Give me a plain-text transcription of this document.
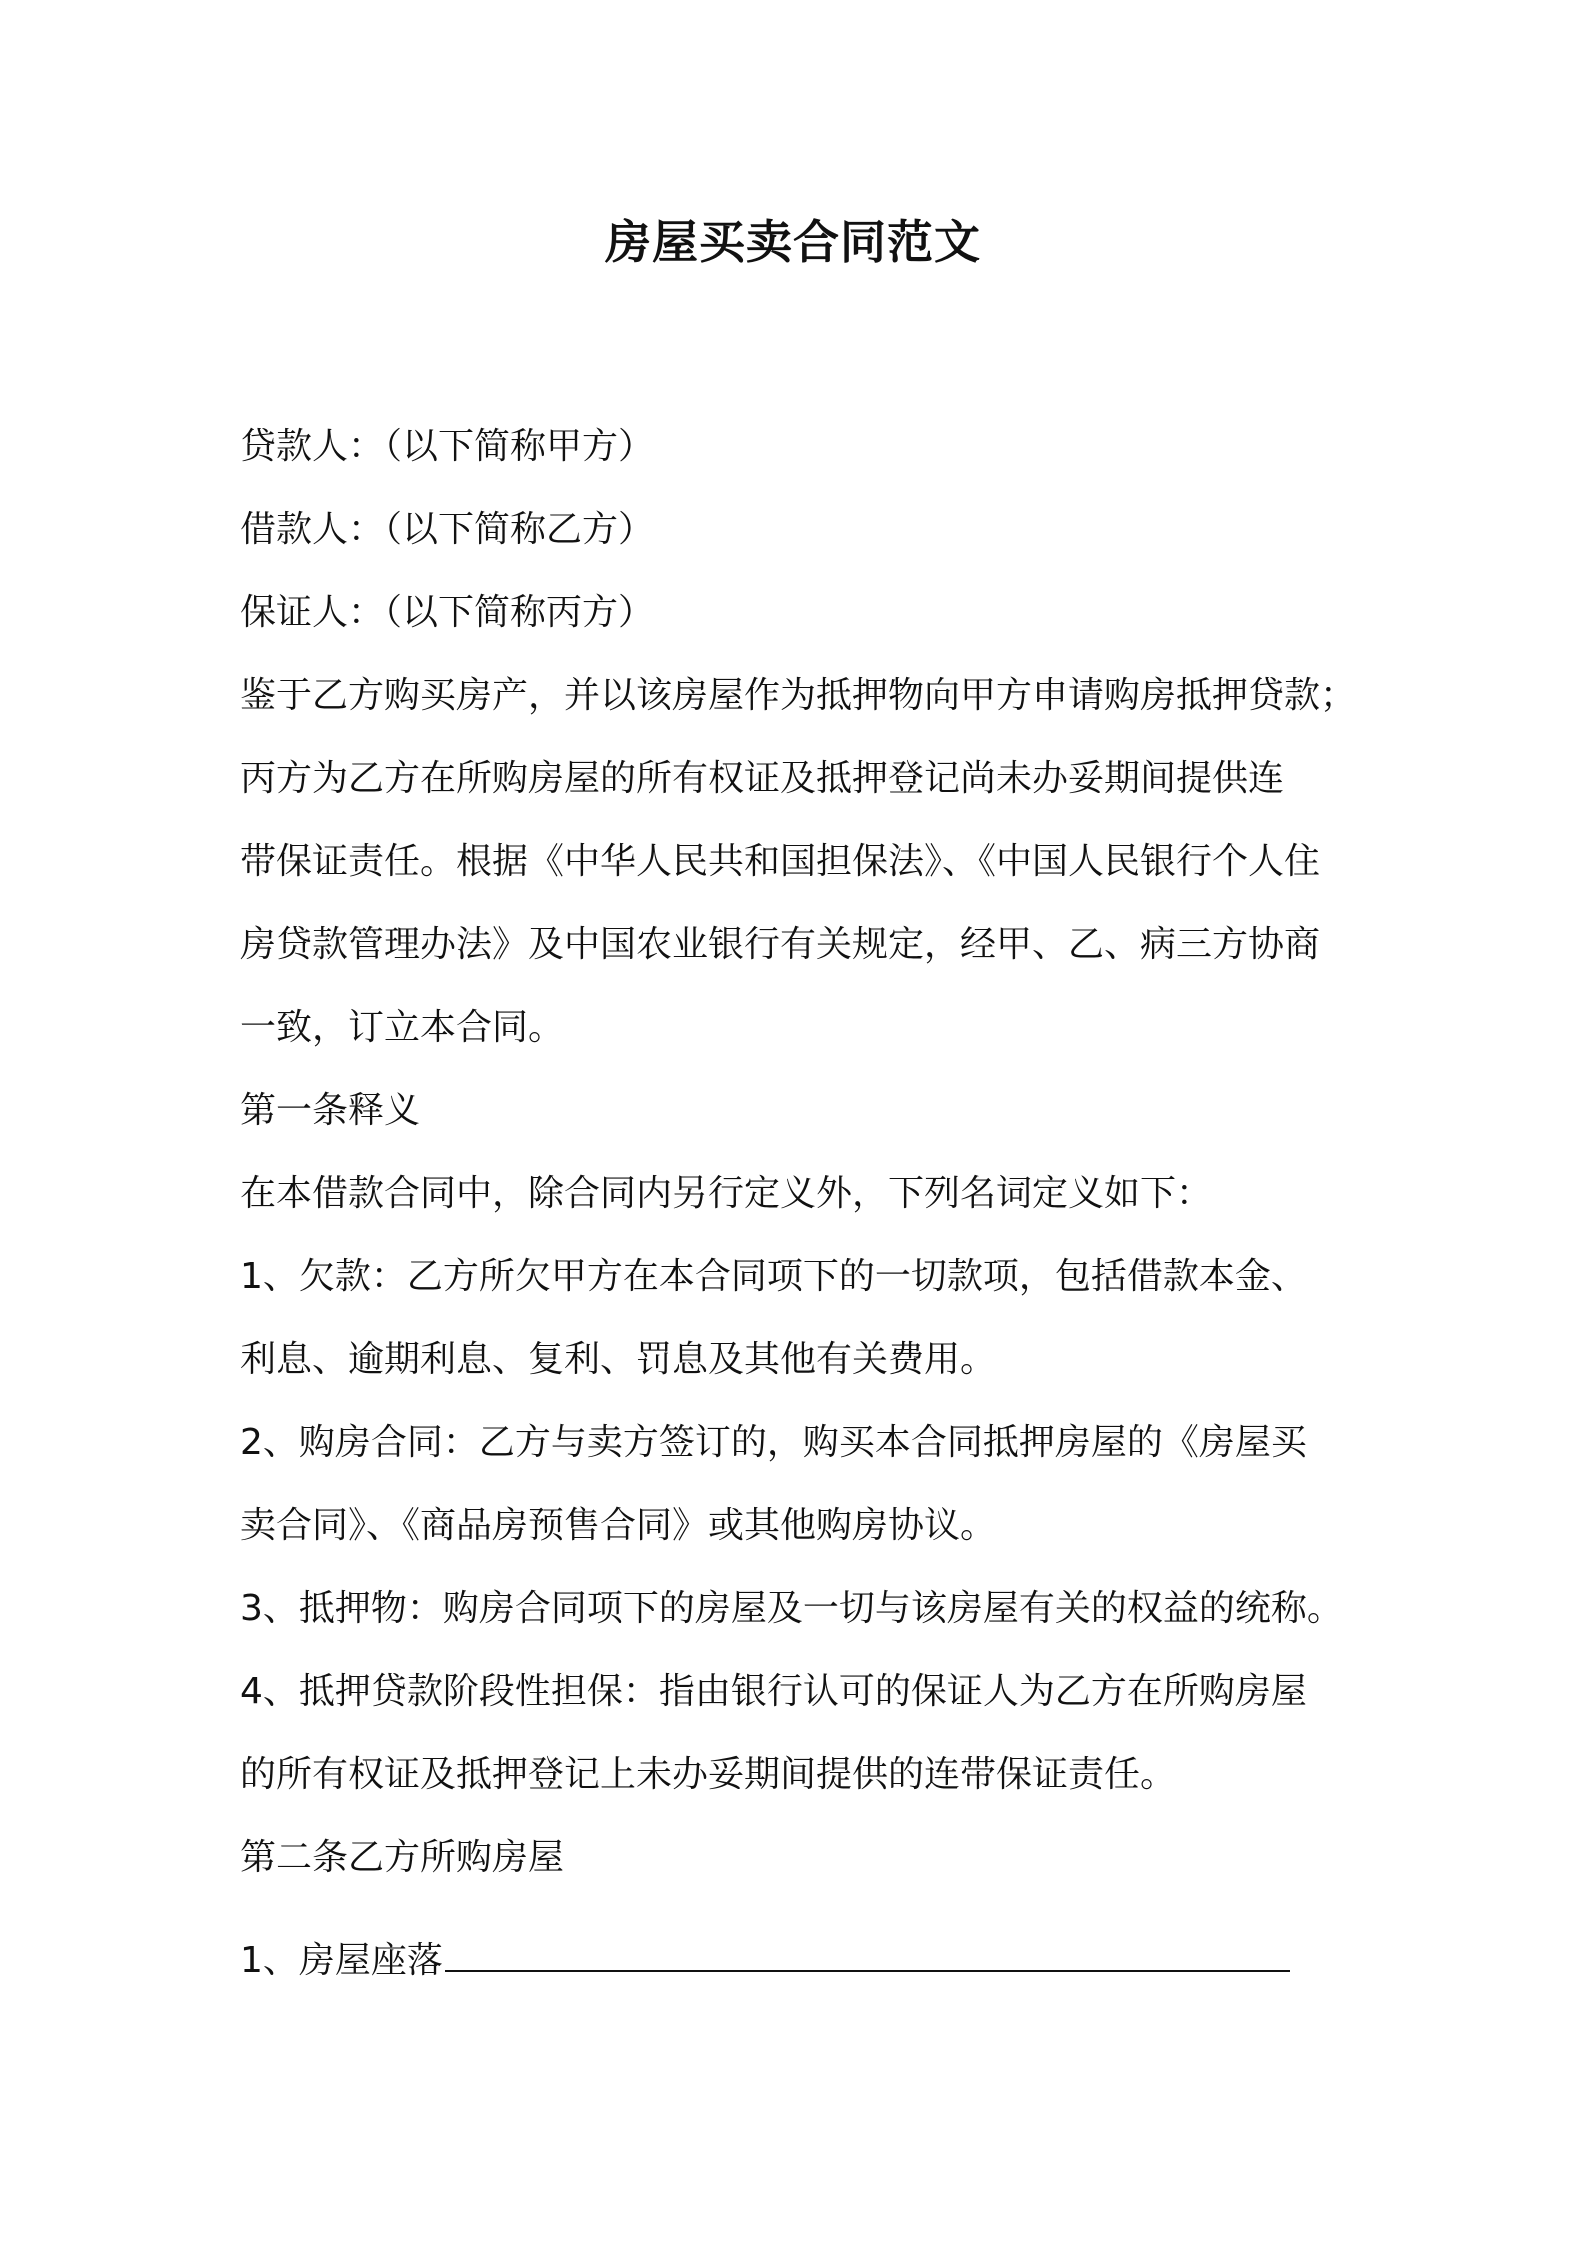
房屋买卖合同范文
贷款人：（以下简称甲方）
借款人：（以下简称乙方）
保证人：（以下简称丙方）
鉴于乙方购买房产，并以该房屋作为抵押物向甲方申请购房抵押贷款；
丙方为乙方在所购房屋的所有权证及抵押登记尚未办妥期间提供连
带保证责任。根据《中华人民共和国担保法》、《中国人民银行个人住
房贷款管理办法》及中国农业银行有关规定，经甲、乙、病三方协商
一致，订立本合同。
第一条释义
在本借款合同中，除合同内另行定义外，下列名词定义如下：
1、欠款：乙方所欠甲方在本合同项下的一切款项，包括借款本金、
利息、逾期利息、复利、罚息及其他有关费用。
2、购房合同：乙方与卖方签订的，购买本合同抵押房屋的《房屋买
卖合同》、《商品房预售合同》或其他购房协议。
3、抵押物：购房合同项下的房屋及一切与该房屋有关的权益的统称。
4、抵押贷款阶段性担保：指由银行认可的保证人为乙方在所购房屋
的所有权证及抵押登记上未办妥期间提供的连带保证责任。
第二条乙方所购房屋
1、房屋座落
